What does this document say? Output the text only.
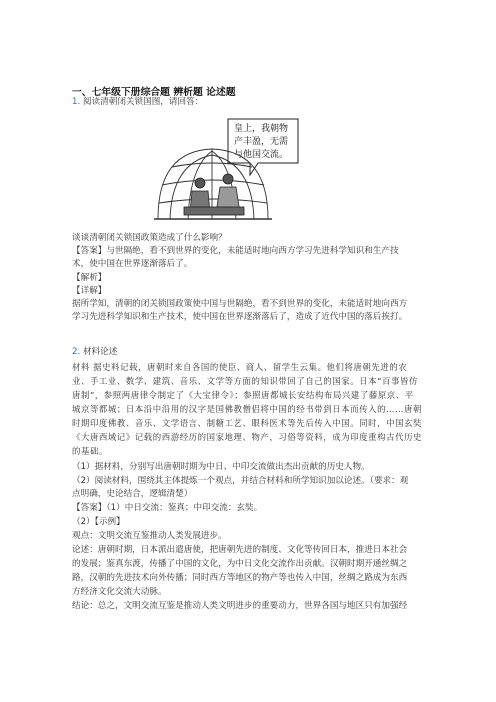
一、七年级下册综合题 辨析题 论述题
1. 阅读清朝闭关锁国图，请回答：
皇上，我朝物
产丰盈，无需
与他国交流。
谈谈清朝闭关锁国政策造成了什么影响？
【答案】与世隔绝，看不到世界的变化，未能适时地向西方学习先进科学知识和生产技
术，使中国在世界逐渐落后了。
【解析】
【详解】
据所学知，清朝的闭关锁国政策使中国与世隔绝，看不到世界的变化，未能适时地向西方
学习先进科学知识和生产技术，使中国在世界逐渐落后了，造成了近代中国的落后挨打。
2. 材料论述
材料 据史料记载，唐朝时来自各国的使臣、商人、留学生云集。他们将唐朝先进的农
业、手工业、数学、建筑、音乐、文学等方面的知识带回了自己的国家。日本“百事皆仿
唐制”，参照两唐律令制定了《大宝律令》；参照唐都城长安结构布局兴建了藤原京、平
城京等都城；日本沿中沿用的汉字是国佛教僧侣将中国的经书带到日本而传入的……唐朝
时期印度佛教、音乐、文学语言、制糖工艺、眼科医术等先后传入中国。同时，中国玄奘
《大唐西域记》记载的西游经历的国家地理、物产，习俗等资料，成为印度重构古代历史
的基础。
（1）据材料，分别写出唐朝时期为中日、中印交流做出杰出贡献的历史人物。
（2）阅读材料，围绕其主体提炼一个观点，并结合材料和所学知识加以论述。（要求：观
点明确，史论结合，逻辑清楚）
【答案】（1）中日交流：鉴真；中印交流：玄奘。
（2）【示例】
观点：文明交流互鉴推动人类发展进步。
论述：唐朝时期，日本派出遣唐使，把唐朝先进的制度、文化等传回日本，推进日本社会
的发展；鉴真东渡，传播了中国的文化，为中日文化交流作出贡献。汉朝时期开通丝绸之
路，汉朝的先进技术向外传播；同时西方等地区的物产等也传入中国，丝绸之路成为东西
方经济文化交流大动脉。
结论：总之，文明交流互鉴是推动人类文明进步的重要动力，世界各国与地区只有加强经
